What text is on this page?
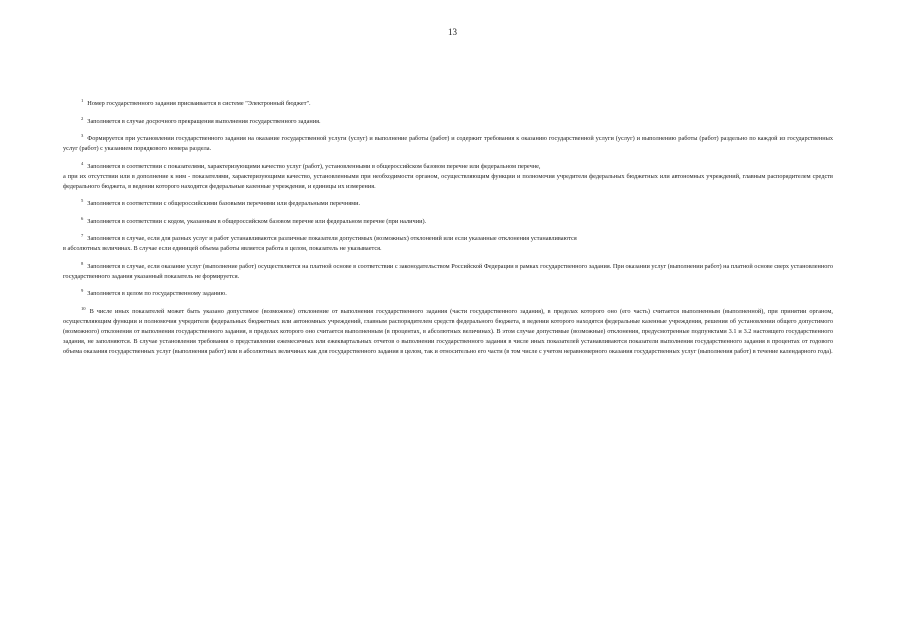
13
$^1$ Номер государственного задания присваивается в системе "Электронный бюджет".
$^2$ Заполняется в случае досрочного прекращения выполнения государственного задания.
$^3$ Формируется при установлении государственного задания на оказание государственной услуги (услуг) и выполнение работы (работ) и содержит требования к оказанию государственной услуги (услуг) и выполнению работы (работ) раздельно по каждой из государственных услуг (работ) с указанием порядкового номера раздела.
$^4$ Заполняется в соответствии с показателями, характеризующими качество услуг (работ), установленными в общероссийском базовом перечне или федеральном перечне,
а при их отсутствии или в дополнение к ним - показателями, характеризующими качество, установленными при необходимости органом, осуществляющим функции и полномочия учредителя федеральных бюджетных или автономных учреждений, главным распорядителем средств федерального бюджета, в ведении которого находятся федеральные казенные учреждения, и единицы их измерения.
$^5$ Заполняется в соответствии с общероссийскими базовыми перечнями или федеральными перечнями.
$^6$ Заполняется в соответствии с кодом, указанным в общероссийском базовом перечне или федеральном перечне (при наличии).
$^7$ Заполняется в случае, если для разных услуг и работ устанавливаются различные показатели допустимых (возможных) отклонений или если указанные отклонения устанавливаются
в абсолютных величинах. В случае если единицей объема работы является работа в целом, показатель не указывается.
$^8$ Заполняется в случае, если оказание услуг (выполнение работ) осуществляется на платной основе в соответствии с законодательством Российской Федерации в рамках государственного задания. При оказании услуг (выполнении работ) на платной основе сверх установленного государственного задания указанный показатель не формируется.
$^9$ Заполняется в целом по государственному заданию.
$^{10}$ В числе иных показателей может быть указано допустимое (возможное) отклонение от выполнения государственного задания (части государственного задания), в пределах которого оно (его часть) считается выполненным (выполненной), при принятии органом, осуществляющим функции и полномочия учредителя федеральных бюджетных или автономных учреждений, главным распорядителем средств федерального бюджета, в ведении которого находятся федеральные казенные учреждения, решения об установлении общего допустимого (возможного) отклонения от выполнения государственного задания, в пределах которого оно считается выполненным (в процентах, в абсолютных величинах). В этом случае допустимые (возможные) отклонения, предусмотренные подпунктами 3.1 и 3.2 настоящего государственного задания, не заполняются. В случае установления требования о представлении ежемесячных или ежеквартальных отчетов о выполнении государственного задания в числе иных показателей устанавливаются показатели выполнения государственного задания в процентах от годового объема оказания государственных услуг (выполнения работ) или в абсолютных величинах как для государственного задания в целом, так и относительно его части (в том числе с учетом неравномерного оказания государственных услуг (выполнения работ) в течение календарного года).
